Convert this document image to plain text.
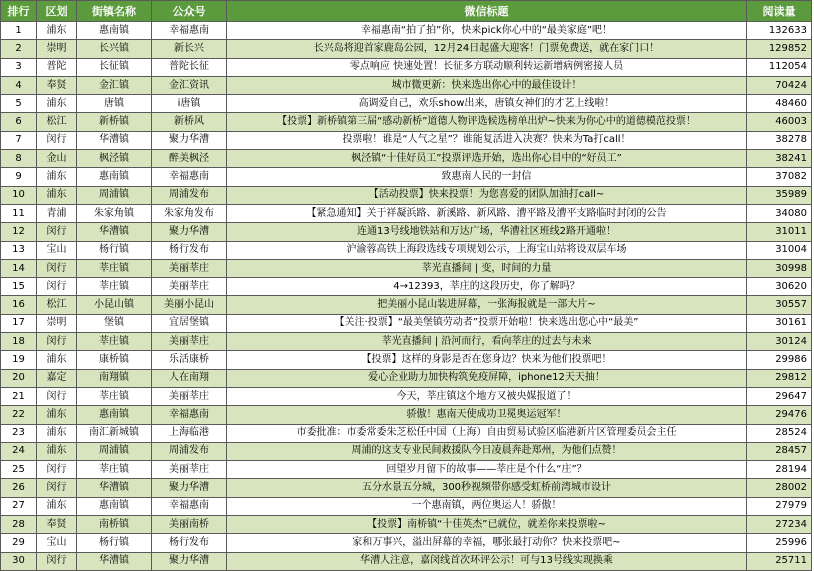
排行	区划	街镇名称	公众号	微信标题	阅读量
1	浦东	惠南镇	幸福惠南	幸福惠南“拍了拍”你，快来pick你心中的“最美家庭”吧！	132633
2	崇明	长兴镇	新长兴	长兴岛将迎首家鹿岛公园，12月24日起盛大迎客！门票免费送，就在家门口！	129852
3	普陀	长征镇	普陀长征	零点响应 快速处置！长征多方联动顺利转运新增病例密接人员	112054
4	奉贤	金汇镇	金汇资讯	城市微更新：快来选出你心中的最佳设计！	70424
5	浦东	唐镇	i唐镇	高调爱自己，欢乐show出来，唐镇女神们的才艺上线啦！	48460
6	松江	新桥镇	新桥风	【投票】新桥镇第三届“感动新桥”道德人物评选候选榜单出炉~快来为你心中的道德模范投票！	46003
7	闵行	华漕镇	聚力华漕	投票啦！谁是“人气之星”？谁能复活进入决赛？快来为Ta打call！	38278
8	金山	枫泾镇	醉美枫泾	枫泾镇“十佳好员工”投票评选开始，选出你心目中的“好员工”	38241
9	浦东	惠南镇	幸福惠南	致惠南人民的一封信	37082
10	浦东	周浦镇	周浦发布	【活动投票】快来投票！为您喜爱的团队加油打call~	35989
11	青浦	朱家角镇	朱家角发布	【紧急通知】关于祥凝浜路、新溪路、新风路、漕平路及漕平支路临时封闭的公告	34080
12	闵行	华漕镇	聚力华漕	连通13号线地铁站和万达广场，华漕社区班线2路开通啦！	31011
13	宝山	杨行镇	杨行发布	沪渝蓉高铁上海段选线专项规划公示，上海宝山站将设双层车场	31004
14	闵行	莘庄镇	美丽莘庄	莘光直播间 | 变，时间的力量	30998
15	闵行	莘庄镇	美丽莘庄	4→12393，莘庄的这段历史，你了解吗？	30620
16	松江	小昆山镇	美丽小昆山	把美丽小昆山装进屏幕，一张海报就是一部大片~	30557
17	崇明	堡镇	宜居堡镇	【关注·投票】“最美堡镇劳动者”投票开始啦！快来选出您心中“最美”	30161
18	闵行	莘庄镇	美丽莘庄	莘光直播间 | 沿河而行，看向莘庄的过去与未来	30124
19	浦东	康桥镇	乐活康桥	【投票】这样的身影是否在您身边？快来为他们投票吧！	29986
20	嘉定	南翔镇	人在南翔	爱心企业助力加快构筑免疫屏障，iphone12天天抽！	29812
21	闵行	莘庄镇	美丽莘庄	今天，莘庄镇这个地方又被央媒报道了！	29647
22	浦东	惠南镇	幸福惠南	骄傲！惠南天使成功卫冕奥运冠军！	29476
23	浦东	南汇新城镇	上海临港	市委批准：市委常委朱芝松任中国（上海）自由贸易试验区临港新片区管理委员会主任	28524
24	浦东	周浦镇	周浦发布	周浦的这支专业民间救援队今日凌晨奔赴郑州，为他们点赞！	28457
25	闵行	莘庄镇	美丽莘庄	回望岁月留下的故事——莘庄是个什么“庄”？	28194
26	闵行	华漕镇	聚力华漕	五分水景五分城，300秒视频带你感受虹桥前湾城市设计	28002
27	浦东	惠南镇	幸福惠南	一个惠南镇，两位奥运人！骄傲！	27979
28	奉贤	南桥镇	美丽南桥	【投票】南桥镇“十佳英杰”已就位，就差你来投票啦~	27234
29	宝山	杨行镇	杨行发布	家和万事兴，溢出屏幕的幸福，哪张最打动你？快来投票吧~	25996
30	闵行	华漕镇	聚力华漕	华漕人注意，嘉闵线首次环评公示！可与13号线实现换乘	25711
